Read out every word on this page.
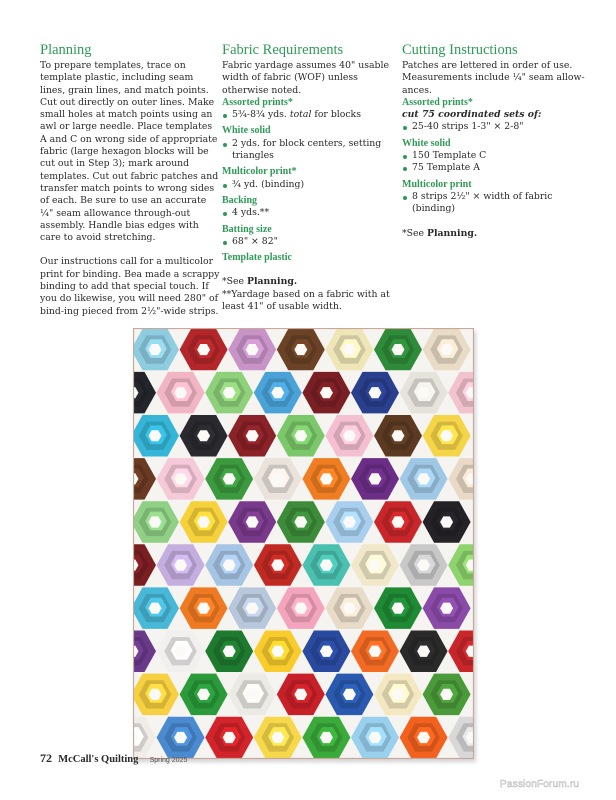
Planning

To prepare templates, trace on template plastic, including seam lines, grain lines, and match points. Cut out directly on outer lines. Make small holes at match points using an awl or large needle. Place templates A and C on wrong side of appropriate fabric (large hexagon blocks will be cut out in Step 3); mark around templates. Cut out fabric patches and transfer match points to wrong sides of each. Be sure to use an accurate ¼" seam allowance through-out assembly. Handle bias edges with care to avoid stretching.

Our instructions call for a multicolor print for binding. Bea made a scrappy binding to add that special touch. If you do likewise, you will need 280" of bind-ing pieced from 2½"-wide strips.

Fabric Requirements

Fabric yardage assumes 40" usable width of fabric (WOF) unless otherwise noted.

Assorted prints*
5¾-8¾ yds. total for blocks
White solid
2 yds. for block centers, setting triangles
Multicolor print*
¾ yd. (binding)
Backing
4 yds.**
Batting size
68" × 82"
Template plastic

*See Planning.

**Yardage based on a fabric with at least 41" of usable width.

Cutting Instructions

Patches are lettered in order of use. Measurements include ¼" seam allow-ances.

Assorted prints*
cut 75 coordinated sets of:
25-40 strips 1-3" × 2-8"
White solid
150 Template C
75 Template A
Multicolor print
8 strips 2½" × width of fabric (binding)

*See Planning.

72 McCall's Quilting Spring 2025
PassionForum.ru
